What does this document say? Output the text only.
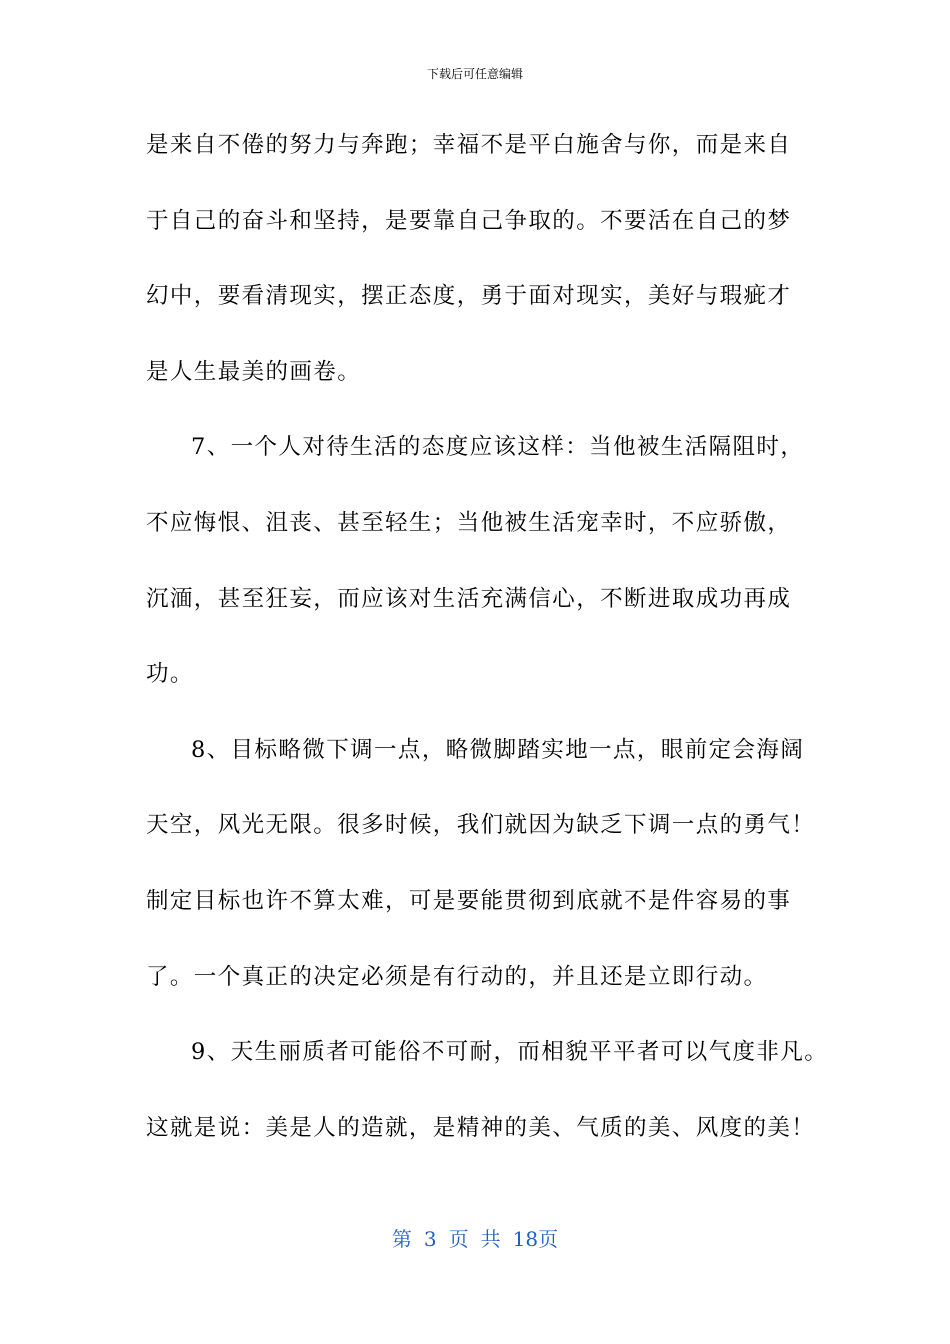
下载后可任意编辑
是来自不倦的努力与奔跑；幸福不是平白施舍与你，而是来自
于自己的奋斗和坚持，是要靠自己争取的。不要活在自己的梦
幻中，要看清现实，摆正态度，勇于面对现实，美好与瑕疵才
是人生最美的画卷。
7、一个人对待生活的态度应该这样：当他被生活隔阻时，
不应悔恨、沮丧、甚至轻生；当他被生活宠幸时，不应骄傲，
沉湎，甚至狂妄，而应该对生活充满信心，不断进取成功再成
功。
8、目标略微下调一点，略微脚踏实地一点，眼前定会海阔
天空，风光无限。很多时候，我们就因为缺乏下调一点的勇气！
制定目标也许不算太难，可是要能贯彻到底就不是件容易的事
了。一个真正的决定必须是有行动的，并且还是立即行动。
9、天生丽质者可能俗不可耐，而相貌平平者可以气度非凡。
这就是说：美是人的造就，是精神的美、气质的美、风度的美！
第 3 页 共 18页
